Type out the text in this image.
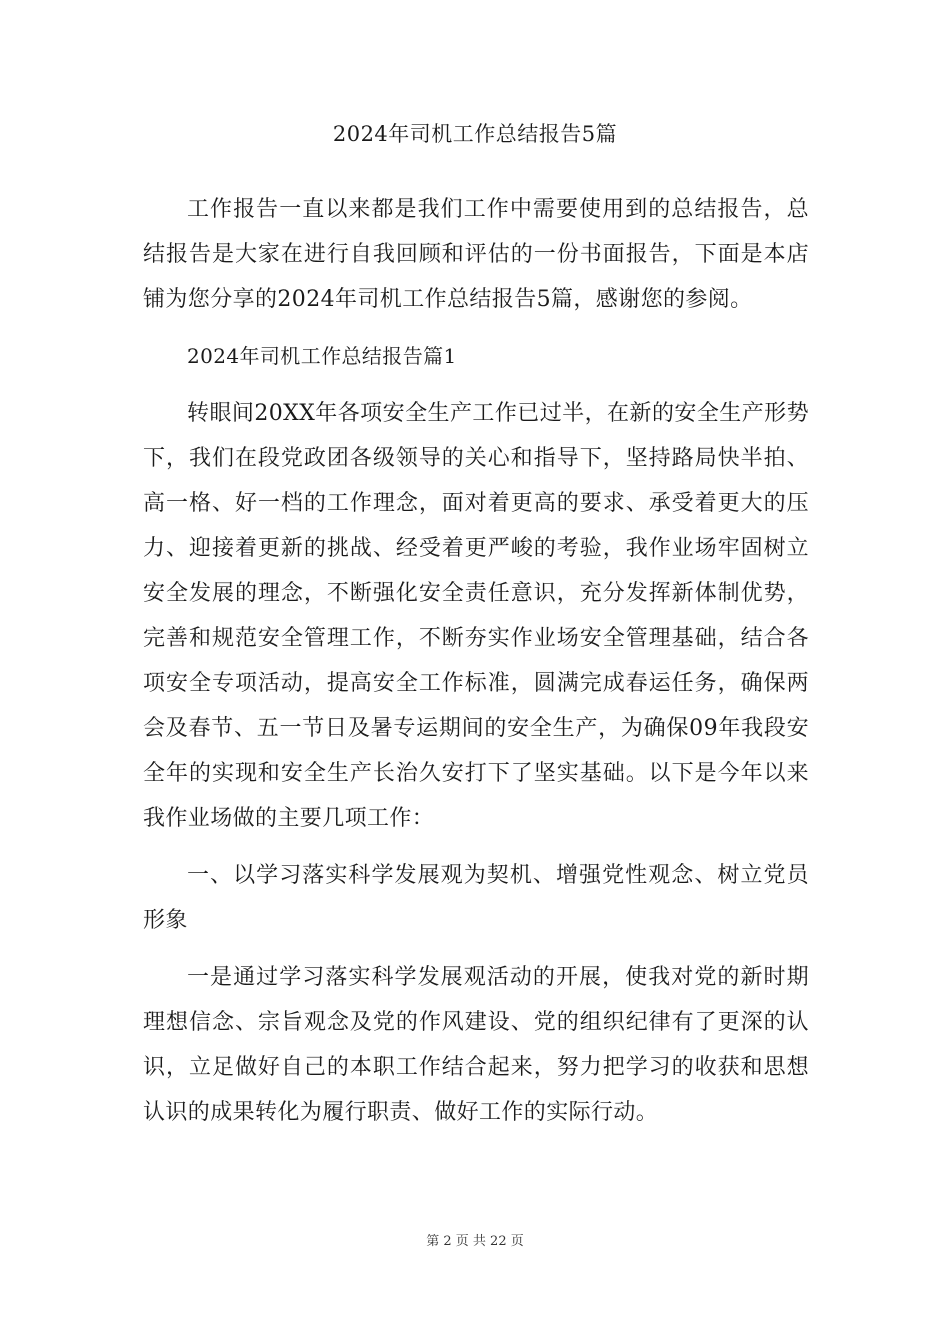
2024年司机工作总结报告5篇

工作报告一直以来都是我们工作中需要使用到的总结报告，总结报告是大家在进行自我回顾和评估的一份书面报告，下面是本店铺为您分享的2024年司机工作总结报告5篇，感谢您的参阅。

2024年司机工作总结报告篇1

转眼间20XX年各项安全生产工作已过半，在新的安全生产形势下，我们在段党政团各级领导的关心和指导下，坚持路局快半拍、高一格、好一档的工作理念，面对着更高的要求、承受着更大的压力、迎接着更新的挑战、经受着更严峻的考验，我作业场牢固树立安全发展的理念，不断强化安全责任意识，充分发挥新体制优势，完善和规范安全管理工作，不断夯实作业场安全管理基础，结合各项安全专项活动，提高安全工作标准，圆满完成春运任务，确保两会及春节、五一节日及暑专运期间的安全生产，为确保09年我段安全年的实现和安全生产长治久安打下了坚实基础。以下是今年以来我作业场做的主要几项工作：

一、以学习落实科学发展观为契机、增强党性观念、树立党员形象

一是通过学习落实科学发展观活动的开展，使我对党的新时期理想信念、宗旨观念及党的作风建设、党的组织纪律有了更深的认识，立足做好自己的本职工作结合起来，努力把学习的收获和思想认识的成果转化为履行职责、做好工作的实际行动。

第 2 页 共 22 页
